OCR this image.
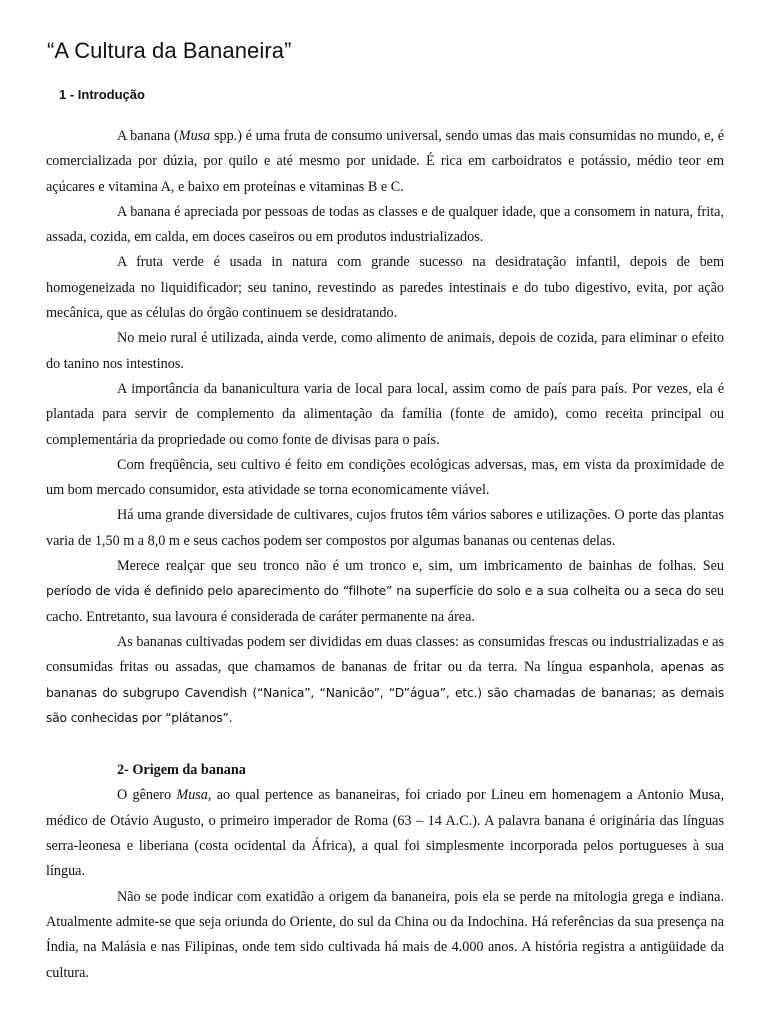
“A Cultura da Bananeira”
1 - Introdução

A banana (Musa spp.) é uma fruta de consumo universal, sendo umas das mais consumidas no mundo, e, é comercializada por dúzia, por quilo e até mesmo por unidade. É rica em carboidratos e potássio, médio teor em açúcares e vitamina A, e baixo em proteínas e vitaminas B e C.

A banana é apreciada por pessoas de todas as classes e de qualquer idade, que a consomem in natura, frita, assada, cozida, em calda, em doces caseiros ou em produtos industrializados.

A fruta verde é usada in natura com grande sucesso na desidratação infantil, depois de bem homogeneizada no liquidificador; seu tanino, revestindo as paredes intestinais e do tubo digestivo, evita, por ação mecânica, que as células do órgão continuem se desidratando.

No meio rural é utilizada, ainda verde, como alimento de animais, depois de cozida, para eliminar o efeito do tanino nos intestinos.

A importância da bananicultura varia de local para local, assim como de país para país. Por vezes, ela é plantada para servir de complemento da alimentação da família (fonte de amido), como receita principal ou complementária da propriedade ou como fonte de divisas para o país.

Com freqüência, seu cultivo é feito em condições ecológicas adversas, mas, em vista da proximidade de um bom mercado consumidor, esta atividade se torna economicamente viável.

Há uma grande diversidade de cultivares, cujos frutos têm vários sabores e utilizações. O porte das plantas varia de 1,50 m a 8,0 m e seus cachos podem ser compostos por algumas bananas ou centenas delas.

Merece realçar que seu tronco não é um tronco e, sim, um imbricamento de bainhas de folhas. Seu período de vida é definido pelo aparecimento do “filhote” na superfície do solo e a sua colheita ou a seca do seu cacho. Entretanto, sua lavoura é considerada de caráter permanente na área.

As bananas cultivadas podem ser divididas em duas classes: as consumidas frescas ou industrializadas e as consumidas fritas ou assadas, que chamamos de bananas de fritar ou da terra. Na língua espanhola, apenas as bananas do subgrupo Cavendish (“Nanica”, “Nanicão”, “D”água”, etc.) são chamadas de bananas; as demais são conhecidas por “plátanos”.

2- Origem da banana

O gênero Musa, ao qual pertence as bananeiras, foi criado por Lineu em homenagem a Antonio Musa, médico de Otávio Augusto, o primeiro imperador de Roma (63 – 14 A.C.). A palavra banana é originária das línguas serra-leonesa e liberiana (costa ocidental da África), a qual foi simplesmente incorporada pelos portugueses à sua língua.

Não se pode indicar com exatidão a origem da bananeira, pois ela se perde na mitologia grega e indiana. Atualmente admite-se que seja oriunda do Oriente, do sul da China ou da Indochina. Há referências da sua presença na Índia, na Malásia e nas Filipinas, onde tem sido cultivada há mais de 4.000 anos. A história registra a antigüidade da cultura.
